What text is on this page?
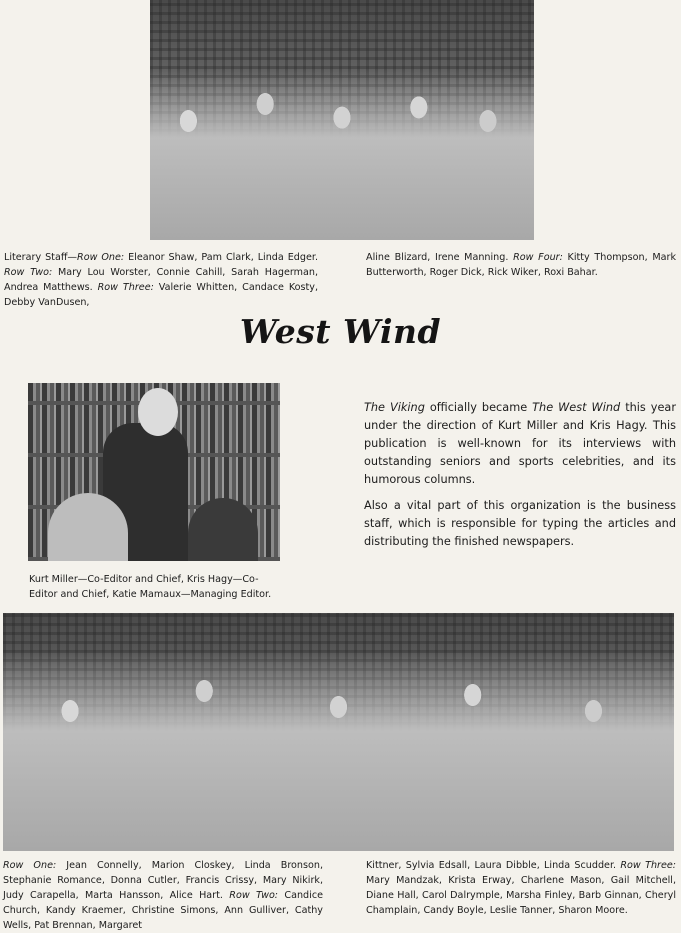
Literary Staff—Row One: Eleanor Shaw, Pam Clark, Linda Edger. Row Two: Mary Lou Worster, Connie Cahill, Sarah Hagerman, Andrea Matthews. Row Three: Valerie Whitten, Candace Kosty, Debby VanDusen,
Aline Blizard, Irene Manning. Row Four: Kitty Thompson, Mark Butterworth, Roger Dick, Rick Wiker, Roxi Bahar.
West Wind
Kurt Miller—Co-Editor and Chief, Kris Hagy—Co-Editor and Chief, Katie Mamaux—Managing Editor.
The Viking officially became The West Wind this year under the direction of Kurt Miller and Kris Hagy. This publication is well-known for its interviews with outstanding seniors and sports celebrities, and its humorous columns.
Also a vital part of this organization is the business staff, which is responsible for typing the articles and distributing the finished newspapers.
Row One: Jean Connelly, Marion Closkey, Linda Bronson, Stephanie Romance, Donna Cutler, Francis Crissy, Mary Nikirk, Judy Carapella, Marta Hansson, Alice Hart. Row Two: Candice Church, Kandy Kraemer, Christine Simons, Ann Gulliver, Cathy Wells, Pat Brennan, Margaret
Kittner, Sylvia Edsall, Laura Dibble, Linda Scudder. Row Three: Mary Mandzak, Krista Erway, Charlene Mason, Gail Mitchell, Diane Hall, Carol Dalrymple, Marsha Finley, Barb Ginnan, Cheryl Champlain, Candy Boyle, Leslie Tanner, Sharon Moore.
